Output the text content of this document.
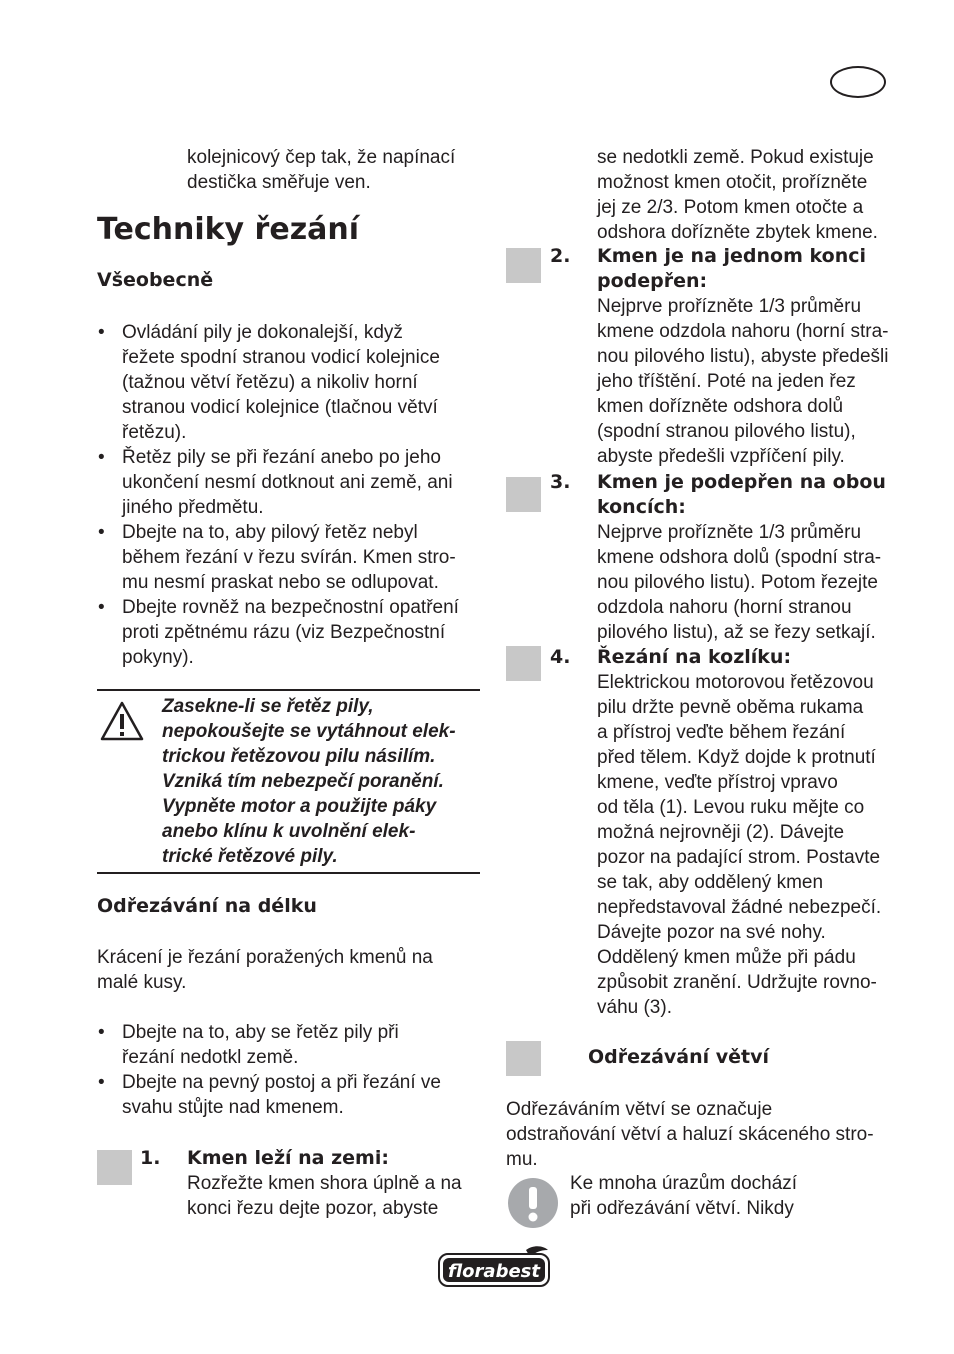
kolejnicový čep tak, že napínací
destička směřuje ven.
Techniky řezání
Všeobecně
• Ovládání pily je dokonalejší, když
řežete spodní stranou vodicí kolejnice
(tažnou větví řetězu) a nikoliv horní
stranou vodicí kolejnice (tlačnou větví
řetězu).
• Řetěz pily se při řezání anebo po jeho
ukončení nesmí dotknout ani země, ani
jiného předmětu.
• Dbejte na to, aby pilový řetěz nebyl
během řezání v řezu svírán. Kmen stro-
mu nesmí praskat nebo se odlupovat.
• Dbejte rovněž na bezpečnostní opatření
proti zpětnému rázu (viz Bezpečnostní
pokyny).
Zasekne-li se řetěz pily,
nepokoušejte se vytáhnout elek-
trickou řetězovou pilu násilím.
Vzniká tím nebezpečí poranění.
Vypněte motor a použijte páky
anebo klínu k uvolnění elek-
trické řetězové pily.
Odřezávání na délku
Krácení je řezání poražených kmenů na
malé kusy.
• Dbejte na to, aby se řetěz pily při
řezání nedotkl země.
• Dbejte na pevný postoj a při řezání ve
svahu stůjte nad kmenem.
1. Kmen leží na zemi:
Rozřežte kmen shora úplně a na
konci řezu dejte pozor, abyste
se nedotkli země. Pokud existuje
možnost kmen otočit, prořízněte
jej ze 2/3. Potom kmen otočte a
odshora dořízněte zbytek kmene.
2. Kmen je na jednom konci
podepřen:
Nejprve prořízněte 1/3 průměru
kmene odzdola nahoru (horní stra-
nou pilového listu), abyste předešli
jeho tříštění. Poté na jeden řez
kmen dořízněte odshora dolů
(spodní stranou pilového listu),
abyste předešli vzpříčení pily.
3. Kmen je podepřen na obou
koncích:
Nejprve prořízněte 1/3 průměru
kmene odshora dolů (spodní stra-
nou pilového listu). Potom řezejte
odzdola nahoru (horní stranou
pilového listu), až se řezy setkají.
4. Řezání na kozlíku:
Elektrickou motorovou řetězovou
pilu držte pevně oběma rukama
a přístroj veďte během řezání
před tělem. Když dojde k protnutí
kmene, veďte přístroj vpravo
od těla (1). Levou ruku mějte co
možná nejrovněji (2). Dávejte
pozor na padající strom. Postavte
se tak, aby oddělený kmen
nepředstavoval žádné nebezpečí.
Dávejte pozor na své nohy.
Oddělený kmen může při pádu
způsobit zranění. Udržujte rovno-
váhu (3).
Odřezávání větví
Odřezáváním větví se označuje
odstraňování větví a haluzí skáceného stro-
mu.
Ke mnoha úrazům dochází
při odřezávání větví. Nikdy
florabest
